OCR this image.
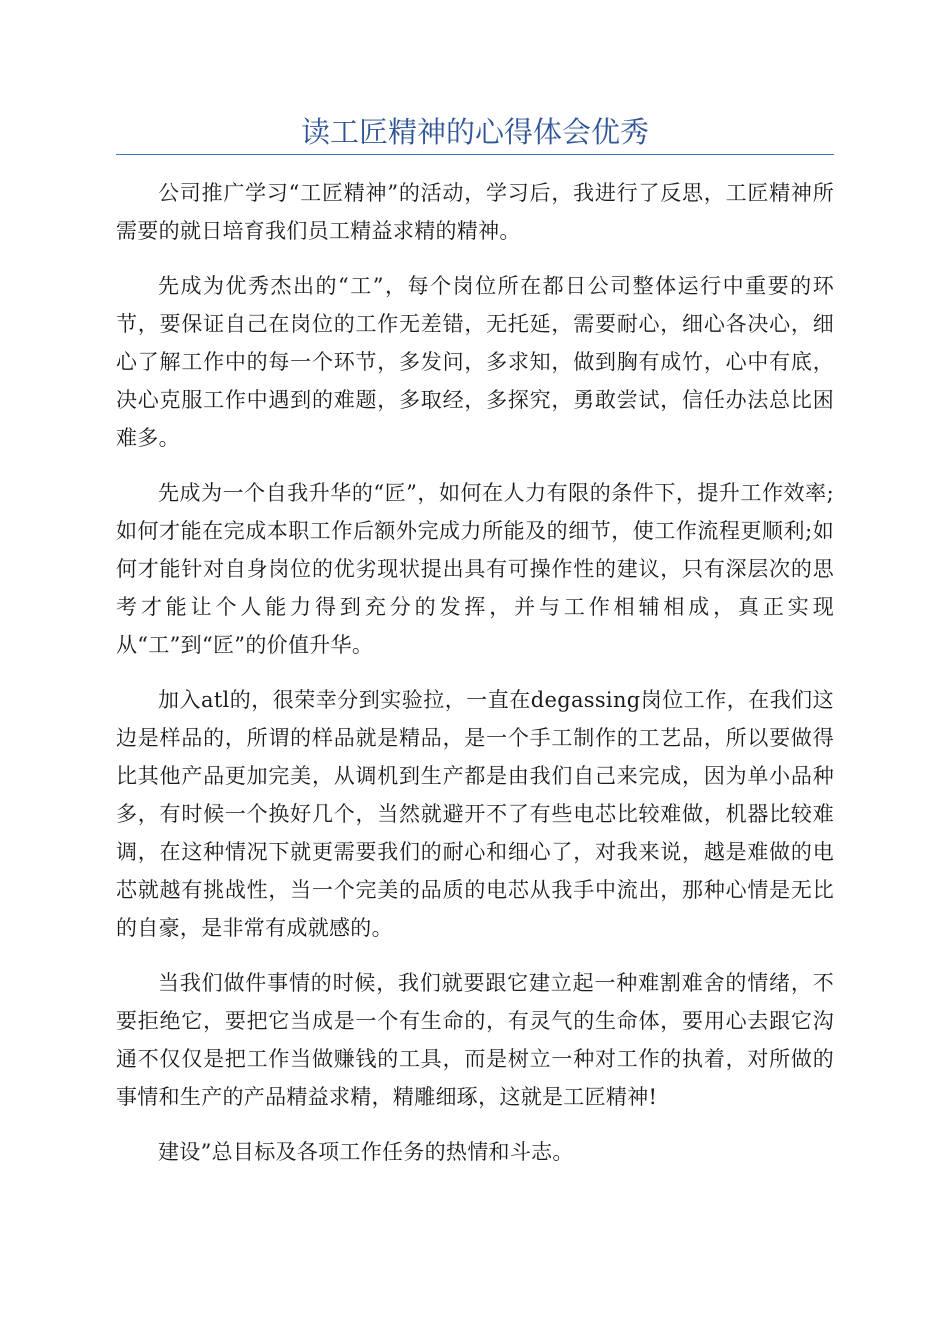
读工匠精神的心得体会优秀

公司推广学习“工匠精神”的活动，学习后，我进行了反思，工匠精神所需要的就日培育我们员工精益求精的精神。

先成为优秀杰出的“工”，每个岗位所在都日公司整体运行中重要的环节，要保证自己在岗位的工作无差错，无托延，需要耐心，细心各决心，细心了解工作中的每一个环节，多发问，多求知，做到胸有成竹，心中有底，决心克服工作中遇到的难题，多取经，多探究，勇敢尝试，信任办法总比困难多。

先成为一个自我升华的“匠”，如何在人力有限的条件下，提升工作效率;如何才能在完成本职工作后额外完成力所能及的细节，使工作流程更顺利;如何才能针对自身岗位的优劣现状提出具有可操作性的建议，只有深层次的思考才能让个人能力得到充分的发挥，并与工作相辅相成，真正实现从“工”到“匠”的价值升华。

加入atl的，很荣幸分到实验拉，一直在degassing岗位工作，在我们这边是样品的，所谓的样品就是精品，是一个手工制作的工艺品，所以要做得比其他产品更加完美，从调机到生产都是由我们自己来完成，因为单小品种多，有时候一个换好几个，当然就避开不了有些电芯比较难做，机器比较难调，在这种情况下就更需要我们的耐心和细心了，对我来说，越是难做的电芯就越有挑战性，当一个完美的品质的电芯从我手中流出，那种心情是无比的自豪，是非常有成就感的。

当我们做件事情的时候，我们就要跟它建立起一种难割难舍的情绪，不要拒绝它，要把它当成是一个有生命的，有灵气的生命体，要用心去跟它沟通不仅仅是把工作当做赚钱的工具，而是树立一种对工作的执着，对所做的事情和生产的产品精益求精，精雕细琢，这就是工匠精神!

建设”总目标及各项工作任务的热情和斗志。
